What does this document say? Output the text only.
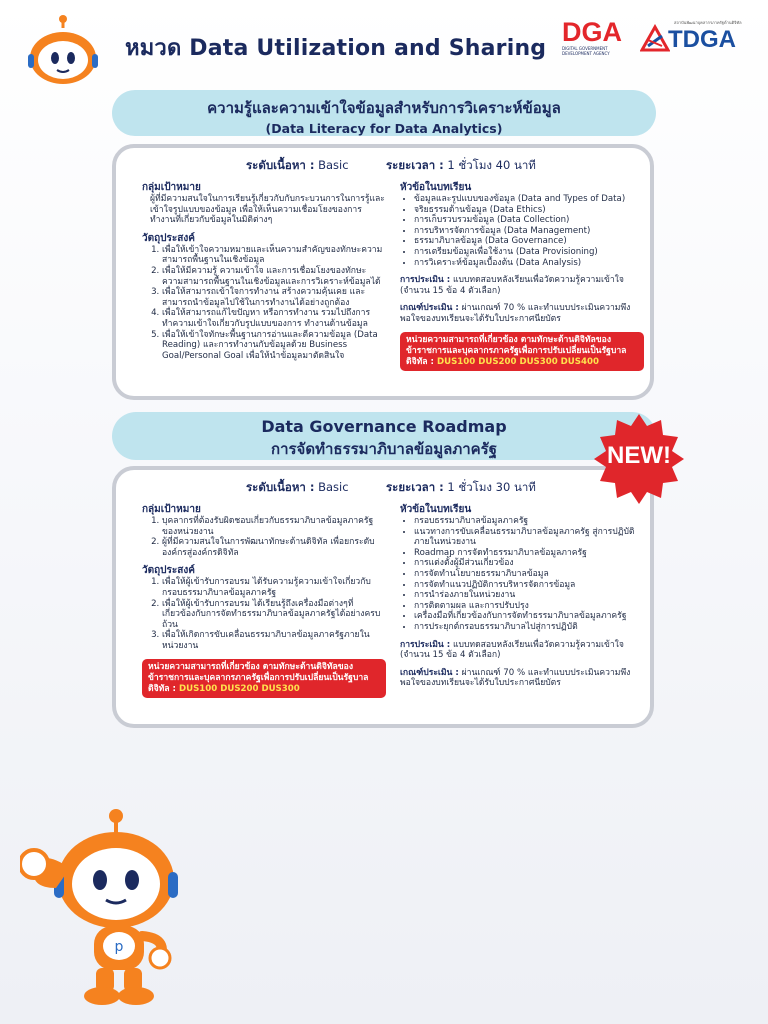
หมวด Data Utilization and Sharing
DGA
DIGITAL GOVERNMENT DEVELOPMENT AGENCY
สถาบันพัฒนาบุคลากรภาครัฐด้านดิจิทัล
TDGA
ความรู้และความเข้าใจข้อมูลสำหรับการวิเคราะห์ข้อมูล
(Data Literacy for Data Analytics)
ระดับเนื้อหา : Basic	ระยะเวลา : 1 ชั่วโมง 40 นาที
กลุ่มเป้าหมาย

ผู้ที่มีความสนใจในการเรียนรู้เกี่ยวกับกับกระบวนการในการรู้และเข้าใจรูปแบบของข้อมูล เพื่อให้เห็นความเชื่อมโยงของการทำงานที่เกี่ยวกับข้อมูลในมิติต่างๆ

วัตถุประสงค์
1. เพื่อให้เข้าใจความหมายและเห็นความสำคัญของทักษะความสามารถพื้นฐานในเชิงข้อมูล
2. เพื่อให้มีความรู้ ความเข้าใจ และการเชื่อมโยงของทักษะความสามารถพื้นฐานในเชิงข้อมูลและการวิเคราะห์ข้อมูลได้
3. เพื่อให้สามารถเข้าใจการทำงาน สร้างความคุ้นเคย และสามารถนำข้อมูลไปใช้ในการทำงานได้อย่างถูกต้อง
4. เพื่อให้สามารถแก้ไขปัญหา หรือการทำงาน รวมไปถึงการทำความเข้าใจเกี่ยวกับรูปแบบของการ ทำงานด้านข้อมูล
5. เพื่อให้เข้าใจทักษะพื้นฐานการอ่านและตีความข้อมูล (Data Reading) และการทำงานกับข้อมูลด้วย Business Goal/Personal Goal เพื่อให้นำข้อมูลมาตัดสินใจ
หัวข้อในบทเรียน
• ข้อมูลและรูปแบบของข้อมูล (Data and Types of Data)
• จริยธรรมด้านข้อมูล (Data Ethics)
• การเก็บรวบรวมข้อมูล (Data Collection)
• การบริหารจัดการข้อมูล (Data Management)
• ธรรมาภิบาลข้อมูล (Data Governance)
• การเตรียมข้อมูลเพื่อใช้งาน (Data Provisioning)
• การวิเคราะห์ข้อมูลเบื้องต้น (Data Analysis)
การประเมิน : แบบทดสอบหลังเรียนเพื่อวัดความรู้ความเข้าใจ (จำนวน 15 ข้อ 4 ตัวเลือก)
เกณฑ์ประเมิน : ผ่านเกณฑ์ 70 % และทำแบบประเมินความพึงพอใจของบทเรียนจะได้รับใบประกาศนียบัตร
หน่วยความสามารถที่เกี่ยวข้อง ตามทักษะด้านดิจิทัลของข้าราชการและบุคลากรภาครัฐเพื่อการปรับเปลี่ยนเป็นรัฐบาลดิจิทัล : DUS100 DUS200 DUS300 DUS400
Data Governance Roadmap
การจัดทำธรรมาภิบาลข้อมูลภาครัฐ
ระดับเนื้อหา : Basic	ระยะเวลา : 1 ชั่วโมง 30 นาที
กลุ่มเป้าหมาย
1. บุคลากรที่ต้องรับผิดชอบเกี่ยวกับธรรมาภิบาลข้อมูลภาครัฐของหน่วยงาน
2. ผู้ที่มีความสนใจในการพัฒนาทักษะด้านดิจิทัล เพื่อยกระดับองค์กรสู่องค์กรดิจิทัล
วัตถุประสงค์
1. เพื่อให้ผู้เข้ารับการอบรม ได้รับความรู้ความเข้าใจเกี่ยวกับกรอบธรรมาภิบาลข้อมูลภาครัฐ
2. เพื่อให้ผู้เข้ารับการอบรม ได้เรียนรู้ถึงเครื่องมือต่างๆที่เกี่ยวข้องกับการจัดทำธรรมาภิบาลข้อมูลภาครัฐได้อย่างครบถ้วน
3. เพื่อให้เกิดการขับเคลื่อนธรรมาภิบาลข้อมูลภาครัฐภายในหน่วยงาน
หน่วยความสามารถที่เกี่ยวข้อง ตามทักษะด้านดิจิทัลของข้าราชการและบุคลากรภาครัฐเพื่อการปรับเปลี่ยนเป็นรัฐบาลดิจิทัล : DUS100 DUS200 DUS300
หัวข้อในบทเรียน
• กรอบธรรมาภิบาลข้อมูลภาครัฐ
• แนวทางการขับเคลื่อนธรรมาภิบาลข้อมูลภาครัฐ สู่การปฏิบัติภายในหน่วยงาน
• Roadmap การจัดทำธรรมาภิบาลข้อมูลภาครัฐ
• การแต่งตั้งผู้มีส่วนเกี่ยวข้อง
• การจัดทำนโยบายธรรมาภิบาลข้อมูล
• การจัดทำแนวปฏิบัติการบริหารจัดการข้อมูล
• การนำร่องภายในหน่วยงาน
• การติดตามผล และการปรับปรุง
• เครื่องมือที่เกี่ยวข้องกับการจัดทำธรรมาภิบาลข้อมูลภาครัฐ
• การประยุกต์กรอบธรรมาภิบาลไปสู่การปฏิบัติ
การประเมิน : แบบทดสอบหลังเรียนเพื่อวัดความรู้ความเข้าใจ (จำนวน 15 ข้อ 4 ตัวเลือก)
เกณฑ์ประเมิน : ผ่านเกณฑ์ 70 % และทำแบบประเมินความพึงพอใจของบทเรียนจะได้รับใบประกาศนียบัตร
NEW!
p
